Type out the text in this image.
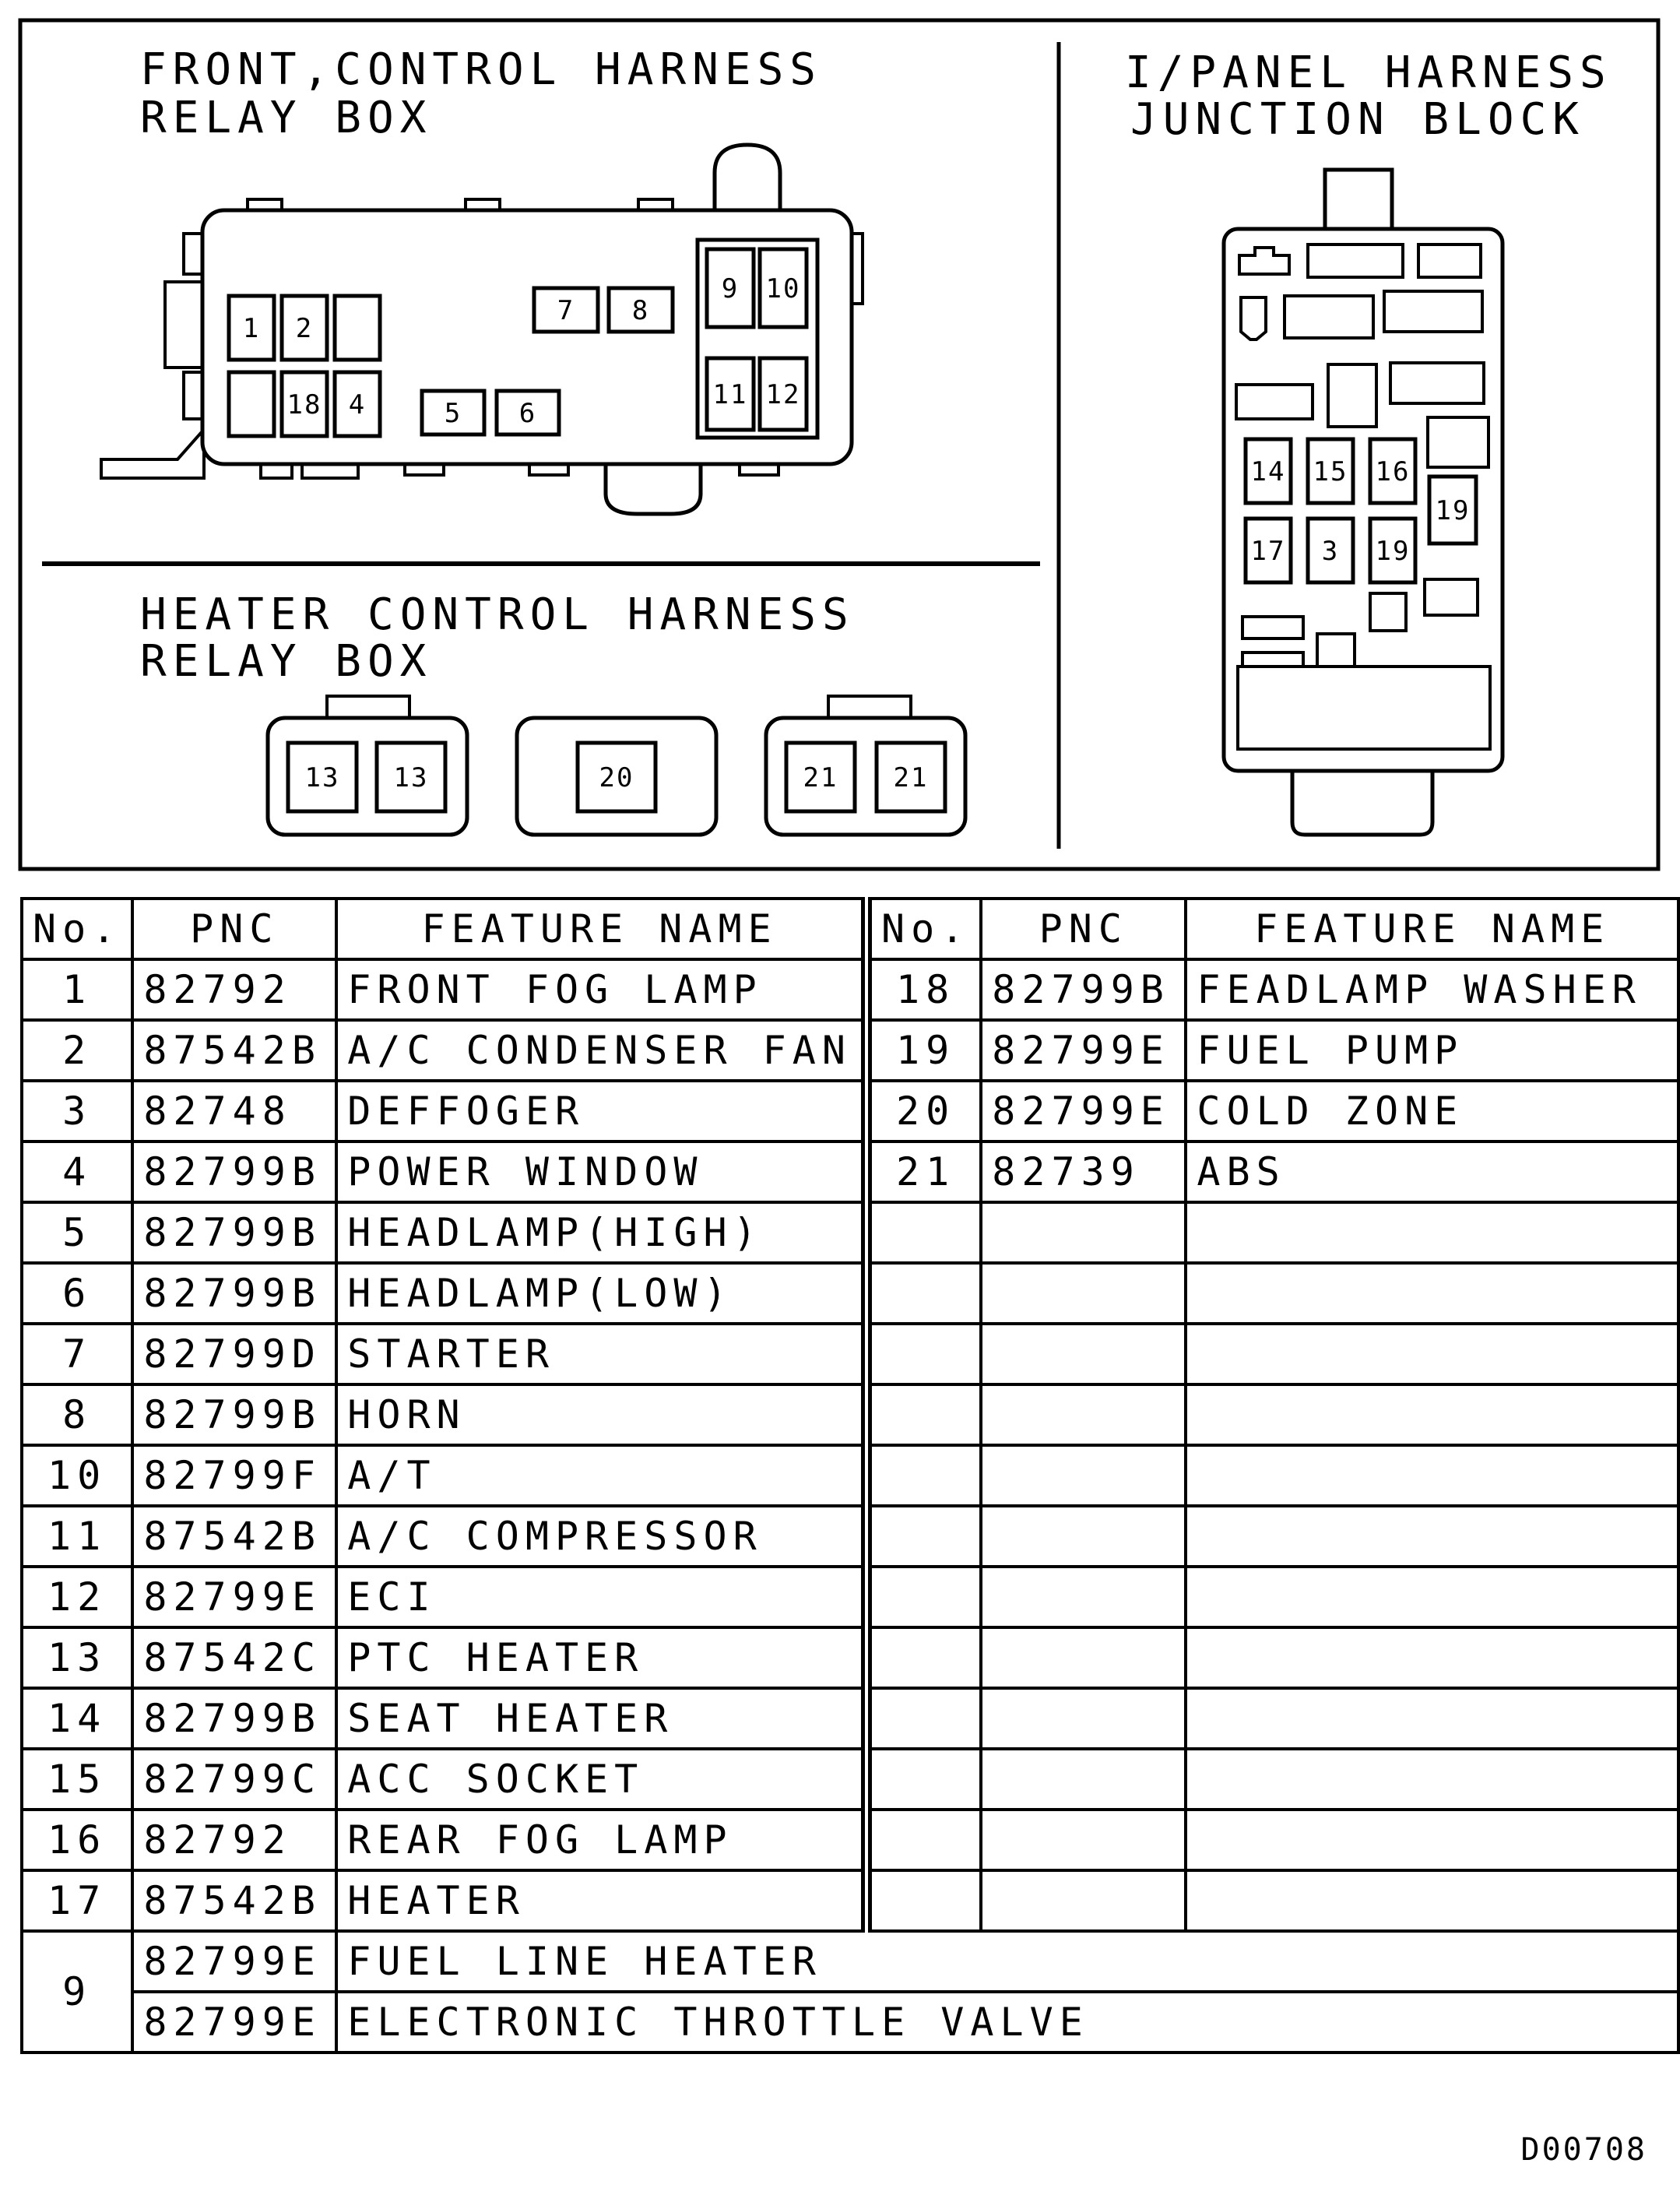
FRONT,CONTROL HARNESS
RELAY BOX
I/PANEL HARNESS
JUNCTION BLOCK
HEATER CONTROL HARNESS
RELAY BOX
1 2
18 4	5 6
7 8
9 10
11 12
13 13	20	21 21
14 15 16
19
17 3 19
No.	PNC	FEATURE NAME	No.	PNC	FEATURE NAME
1	82792	FRONT FOG LAMP	18	82799B	FEADLAMP WASHER
2	87542B	A/C CONDENSER FAN	19	82799E	FUEL PUMP
3	82748	DEFFOGER	20	82799E	COLD ZONE
4	82799B	POWER WINDOW	21	82739	ABS
5	82799B	HEADLAMP(HIGH)			
6	82799B	HEADLAMP(LOW)			
7	82799D	STARTER			
8	82799B	HORN			
10	82799F	A/T			
11	87542B	A/C COMPRESSOR			
12	82799E	ECI			
13	87542C	PTC HEATER			
14	82799B	SEAT HEATER			
15	82799C	ACC SOCKET			
16	82792	REAR FOG LAMP			
17	87542B	HEATER			
9	82799E	FUEL LINE HEATER			
	82799E	ELECTRONIC THROTTLE VALVE			
D00708
